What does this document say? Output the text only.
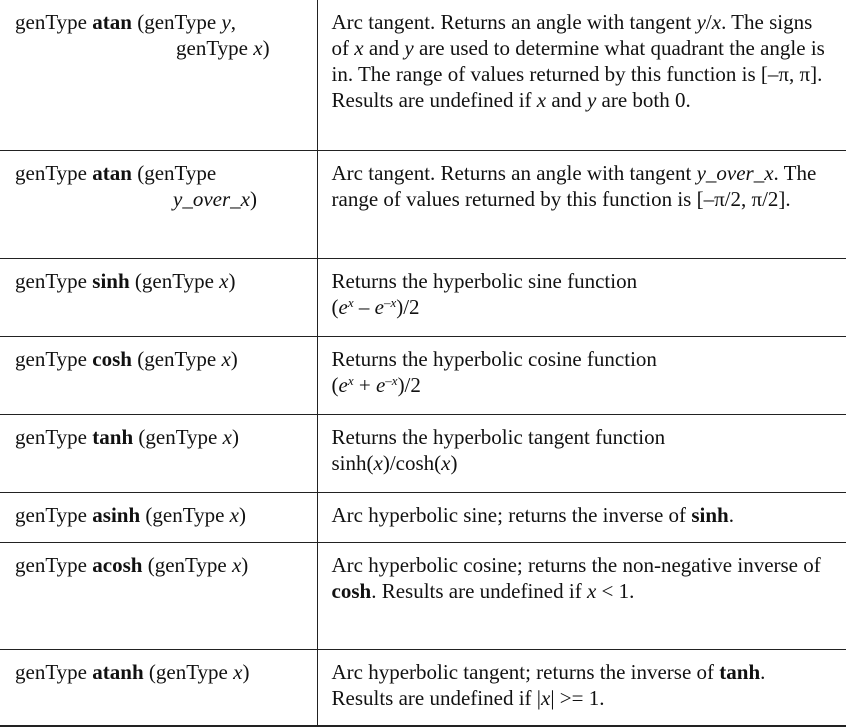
genType atan (genType y,
genType x)	Arc tangent. Returns an angle with tangent y/x. The signs of x and y are used to determine what quadrant the angle is in. The range of values returned by this function is [–π, π]. Results are undefined if x and y are both 0.
genType atan (genType
y_over_x)	Arc tangent. Returns an angle with tangent y_over_x. The range of values returned by this function is [–π/2, π/2].
genType sinh (genType x)	Returns the hyperbolic sine function
$(e^x - e^{-x})/2$
genType cosh (genType x)	Returns the hyperbolic cosine function
$(e^x + e^{-x})/2$
genType tanh (genType x)	Returns the hyperbolic tangent function
sinh(x)/cosh(x)
genType asinh (genType x)	Arc hyperbolic sine; returns the inverse of sinh.
genType acosh (genType x)	Arc hyperbolic cosine; returns the non-negative inverse of cosh. Results are undefined if x < 1.
genType atanh (genType x)	Arc hyperbolic tangent; returns the inverse of tanh. Results are undefined if |x| >= 1.
